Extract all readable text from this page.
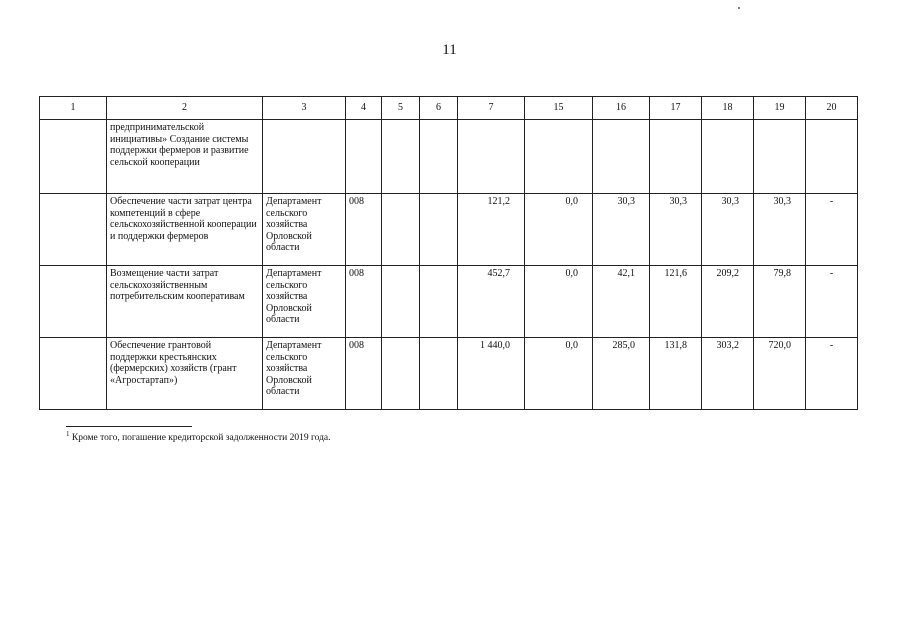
11
1	2	3	4	5	6	7	15	16	17	18	19	20
	предпринимательской инициативы» Создание системы поддержки фермеров и развитие сельской кооперации											
	Обеспечение части затрат центра компетенций в сфере сельскохозяйственной кооперации и поддержки фермеров	Департамент сельского хозяйства Орловской области	008			121,2	0,0	30,3	30,3	30,3	30,3	-
	Возмещение части затрат сельскохозяйственным потребительским кооперативам	Департамент сельского хозяйства Орловской области	008			452,7	0,0	42,1	121,6	209,2	79,8	-
	Обеспечение грантовой поддержки крестьянских (фермерских) хозяйств (грант «Агростартап»)	Департамент сельского хозяйства Орловской области	008			1 440,0	0,0	285,0	131,8	303,2	720,0	-
$^1$ Кроме того, погашение кредиторской задолженности 2019 года.
